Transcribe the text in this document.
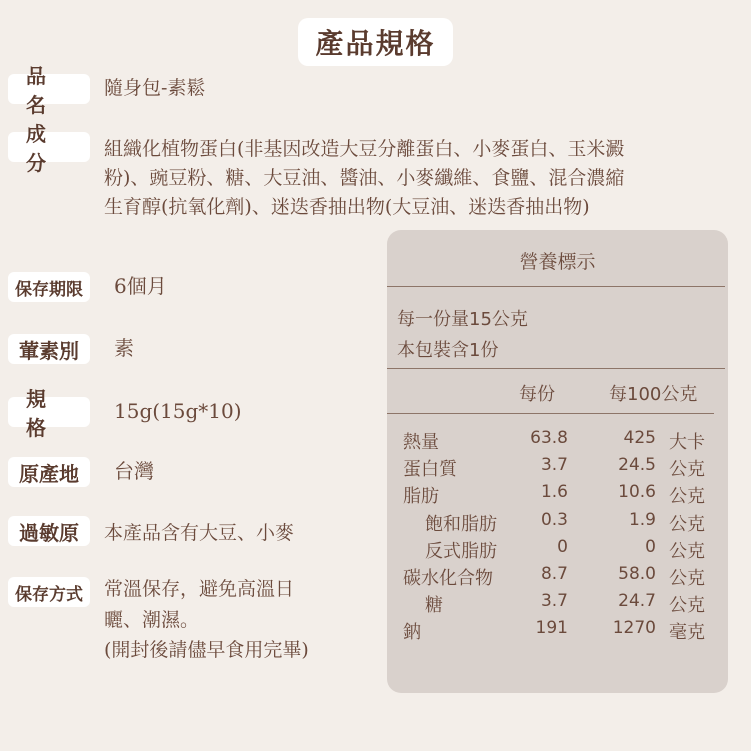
產品規格
品 名
隨身包-素鬆
成 分
組織化植物蛋白(非基因改造大豆分離蛋白、小麥蛋白、玉米澱
粉)、豌豆粉、糖、大豆油、醬油、小麥纖維、食鹽、混合濃縮
生育醇(抗氧化劑)、迷迭香抽出物(大豆油、迷迭香抽出物)
保存期限	6個月
葷素別	素
規 格
15g(15g*10)
原產地	台灣
過敏原	本產品含有大豆、小麥
保存方式	常溫保存，避免高溫日
曬、潮濕。
(開封後請儘早食用完畢)
營養標示
每一份量15公克
本包裝含1份
每份	每100公克
熱量	63.8	425 大卡
蛋白質	3.7	24.5 公克
脂肪	1.6	10.6 公克
飽和脂肪	0.3	1.9 公克
反式脂肪	0	0 公克
碳水化合物	8.7	58.0 公克
糖	3.7	24.7 公克
鈉	191	1270 毫克
